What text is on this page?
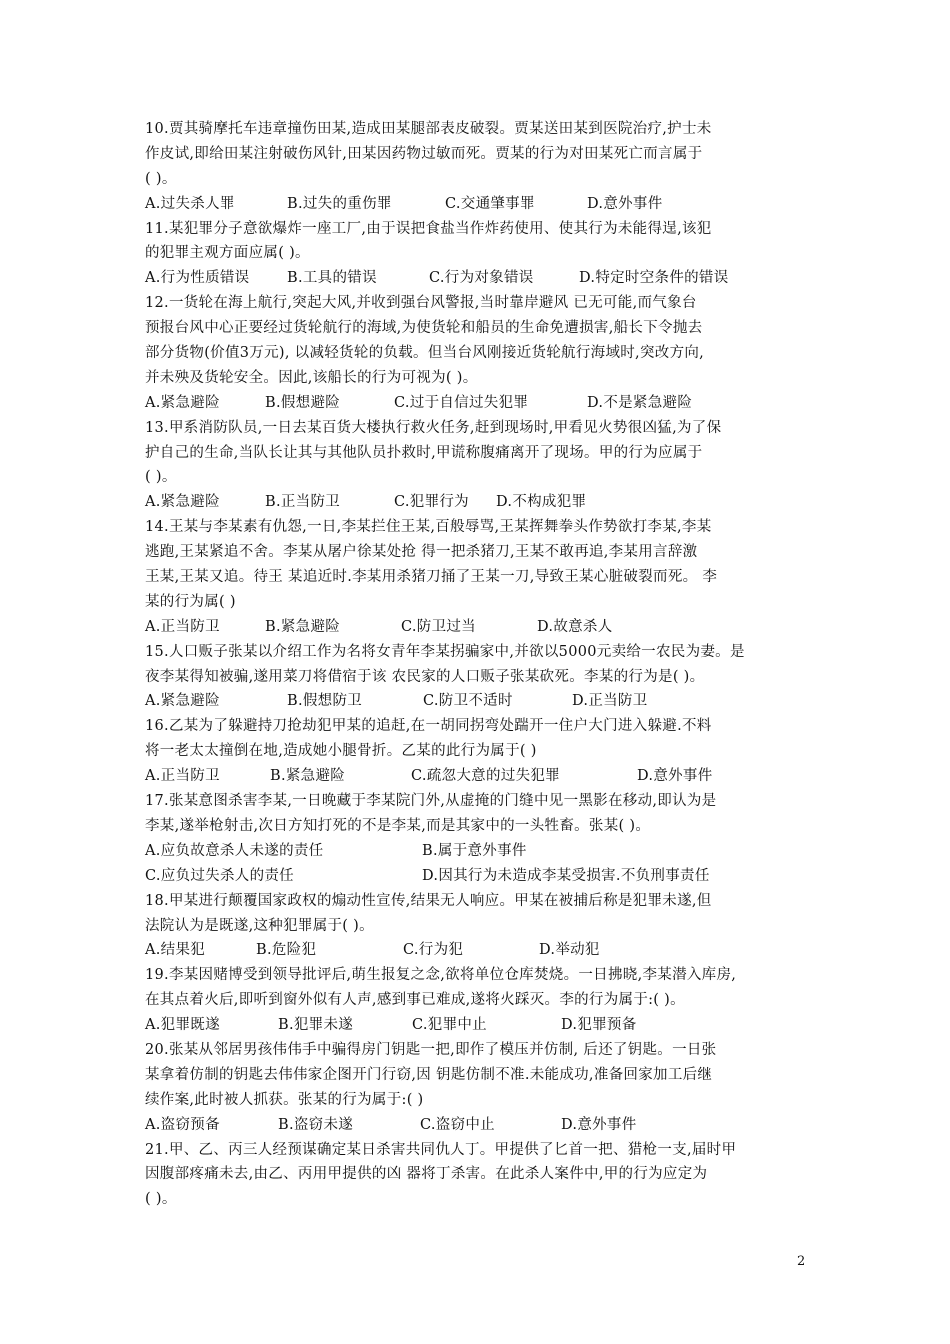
10.贾其骑摩托车违章撞伤田某,造成田某腿部表皮破裂。贾某送田某到医院治疗,护士未
作皮试,即给田某注射破伤风针,田某因药物过敏而死。贾某的行为对田某死亡而言属于
( )。
A.过失杀人罪	B.过失的重伤罪	C.交通肇事罪	D.意外事件
11.某犯罪分子意欲爆炸一座工厂,由于误把食盐当作炸药使用、使其行为未能得逞,该犯
的犯罪主观方面应属( )。
A.行为性质错误	B.工具的错误	C.行为对象错误	D.特定时空条件的错误
12.一货轮在海上航行,突起大风,并收到强台风警报,当时靠岸避风 已无可能,而气象台
预报台风中心正要经过货轮航行的海域,为使货轮和船员的生命免遭损害,船长下令抛去
部分货物(价值3万元), 以减轻货轮的负载。但当台风刚接近货轮航行海域时,突改方向,
并未殃及货轮安全。因此,该船长的行为可视为( )。
A.紧急避险	B.假想避险	C.过于自信过失犯罪	D.不是紧急避险
13.甲系消防队员,一日去某百货大楼执行救火任务,赶到现场时,甲看见火势很凶猛,为了保
护自己的生命,当队长让其与其他队员扑救时,甲谎称腹痛离开了现场。甲的行为应属于
( )。
A.紧急避险	B.正当防卫	C.犯罪行为 D.不构成犯罪
14.王某与李某素有仇怨,一日,李某拦住王某,百般辱骂,王某挥舞拳头作势欲打李某,李某
逃跑,王某紧追不舍。李某从屠户徐某处抢 得一把杀猪刀,王某不敢再追,李某用言辞激
王某,王某又追。待王 某追近时.李某用杀猪刀捅了王某一刀,导致王某心脏破裂而死。 李
某的行为属( )
A.正当防卫	B.紧急避险	C.防卫过当	D.故意杀人
15.人口贩子张某以介绍工作为名将女青年李某拐骗家中,并欲以5000元卖给一农民为妻。是
夜李某得知被骗,遂用菜刀将借宿于该 农民家的人口贩子张某砍死。李某的行为是( )。
A.紧急避险	B.假想防卫	C.防卫不适时	D.正当防卫
16.乙某为了躲避持刀抢劫犯甲某的追赶,在一胡同拐弯处踹开一住户大门进入躲避.不料
将一老太太撞倒在地,造成她小腿骨折。乙某的此行为属于( )
A.正当防卫	B.紧急避险	C.疏忽大意的过失犯罪	D.意外事件
17.张某意图杀害李某,一日晚藏于李某院门外,从虚掩的门缝中见一黑影在移动,即认为是
李某,遂举枪射击,次日方知打死的不是李某,而是其家中的一头牲畜。张某( )。
A.应负故意杀人未遂的责任	B.属于意外事件
C.应负过失杀人的责任	D.因其行为未造成李某受损害.不负刑事责任
18.甲某进行颠覆国家政权的煽动性宣传,结果无人响应。甲某在被捕后称是犯罪未遂,但
法院认为是既遂,这种犯罪属于( )。
A.结果犯	B.危险犯	C.行为犯	D.举动犯
19.李某因赌博受到领导批评后,萌生报复之念,欲将单位仓库焚烧。一日拂晓,李某潜入库房,
在其点着火后,即听到窗外似有人声,感到事已难成,遂将火踩灭。李的行为属于:( )。
A.犯罪既遂	B.犯罪未遂	C.犯罪中止	D.犯罪预备
20.张某从邻居男孩伟伟手中骗得房门钥匙一把,即作了模压并仿制, 后还了钥匙。一日张
某拿着仿制的钥匙去伟伟家企图开门行窃,因 钥匙仿制不准.未能成功,准备回家加工后继
续作案,此时被人抓获。张某的行为属于:( )
A.盗窃预备	B.盗窃未遂	C.盗窃中止	D.意外事件
21.甲、乙、丙三人经预谋确定某日杀害共同仇人丁。甲提供了匕首一把、猎枪一支,届时甲
因腹部疼痛未去,由乙、丙用甲提供的凶 器将丁杀害。在此杀人案件中,甲的行为应定为
( )。
2
